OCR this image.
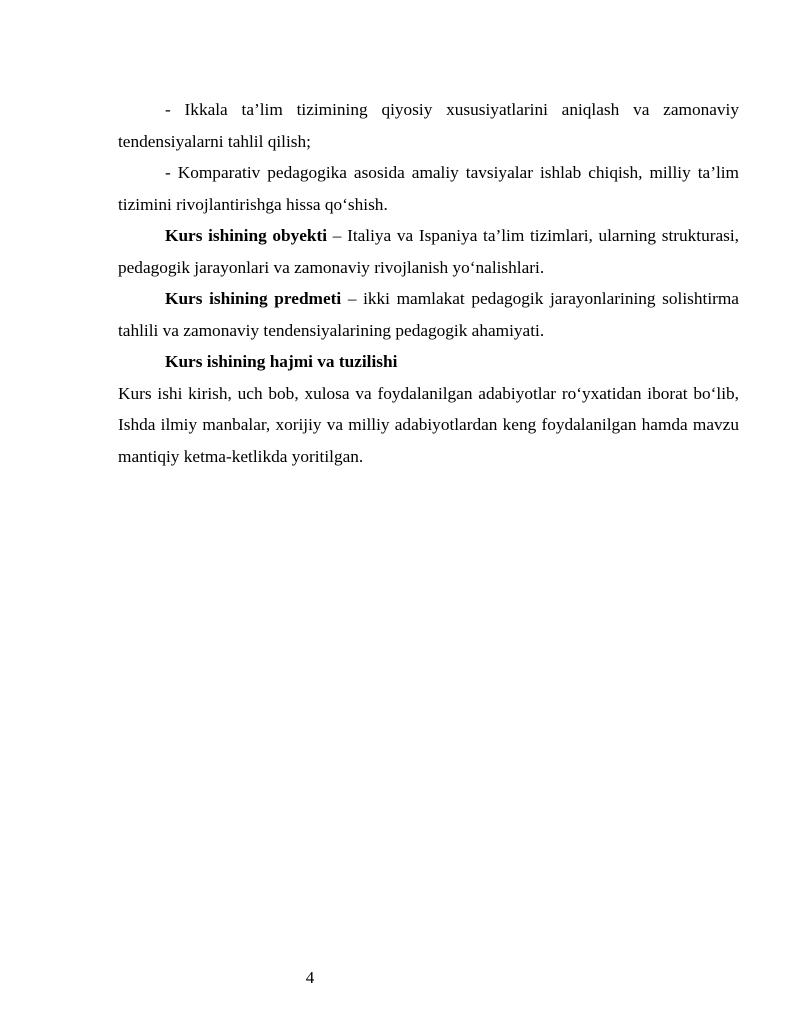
- Ikkala ta’lim tizimining qiyosiy xususiyatlarini aniqlash va zamonaviy tendensiyalarni tahlil qilish;

- Komparativ pedagogika asosida amaliy tavsiyalar ishlab chiqish, milliy ta’lim tizimini rivojlantirishga hissa qo‘shish.

Kurs ishining obyekti – Italiya va Ispaniya ta’lim tizimlari, ularning strukturasi, pedagogik jarayonlari va zamonaviy rivojlanish yo‘nalishlari.

Kurs ishining predmeti – ikki mamlakat pedagogik jarayonlarining solishtirma tahlili va zamonaviy tendensiyalarining pedagogik ahamiyati.

Kurs ishining hajmi va tuzilishi

Kurs ishi kirish, uch bob, xulosa va foydalanilgan adabiyotlar ro‘yxatidan iborat bo‘lib, Ishda ilmiy manbalar, xorijiy va milliy adabiyotlardan keng foydalanilgan hamda mavzu mantiqiy ketma-ketlikda yoritilgan.

4
